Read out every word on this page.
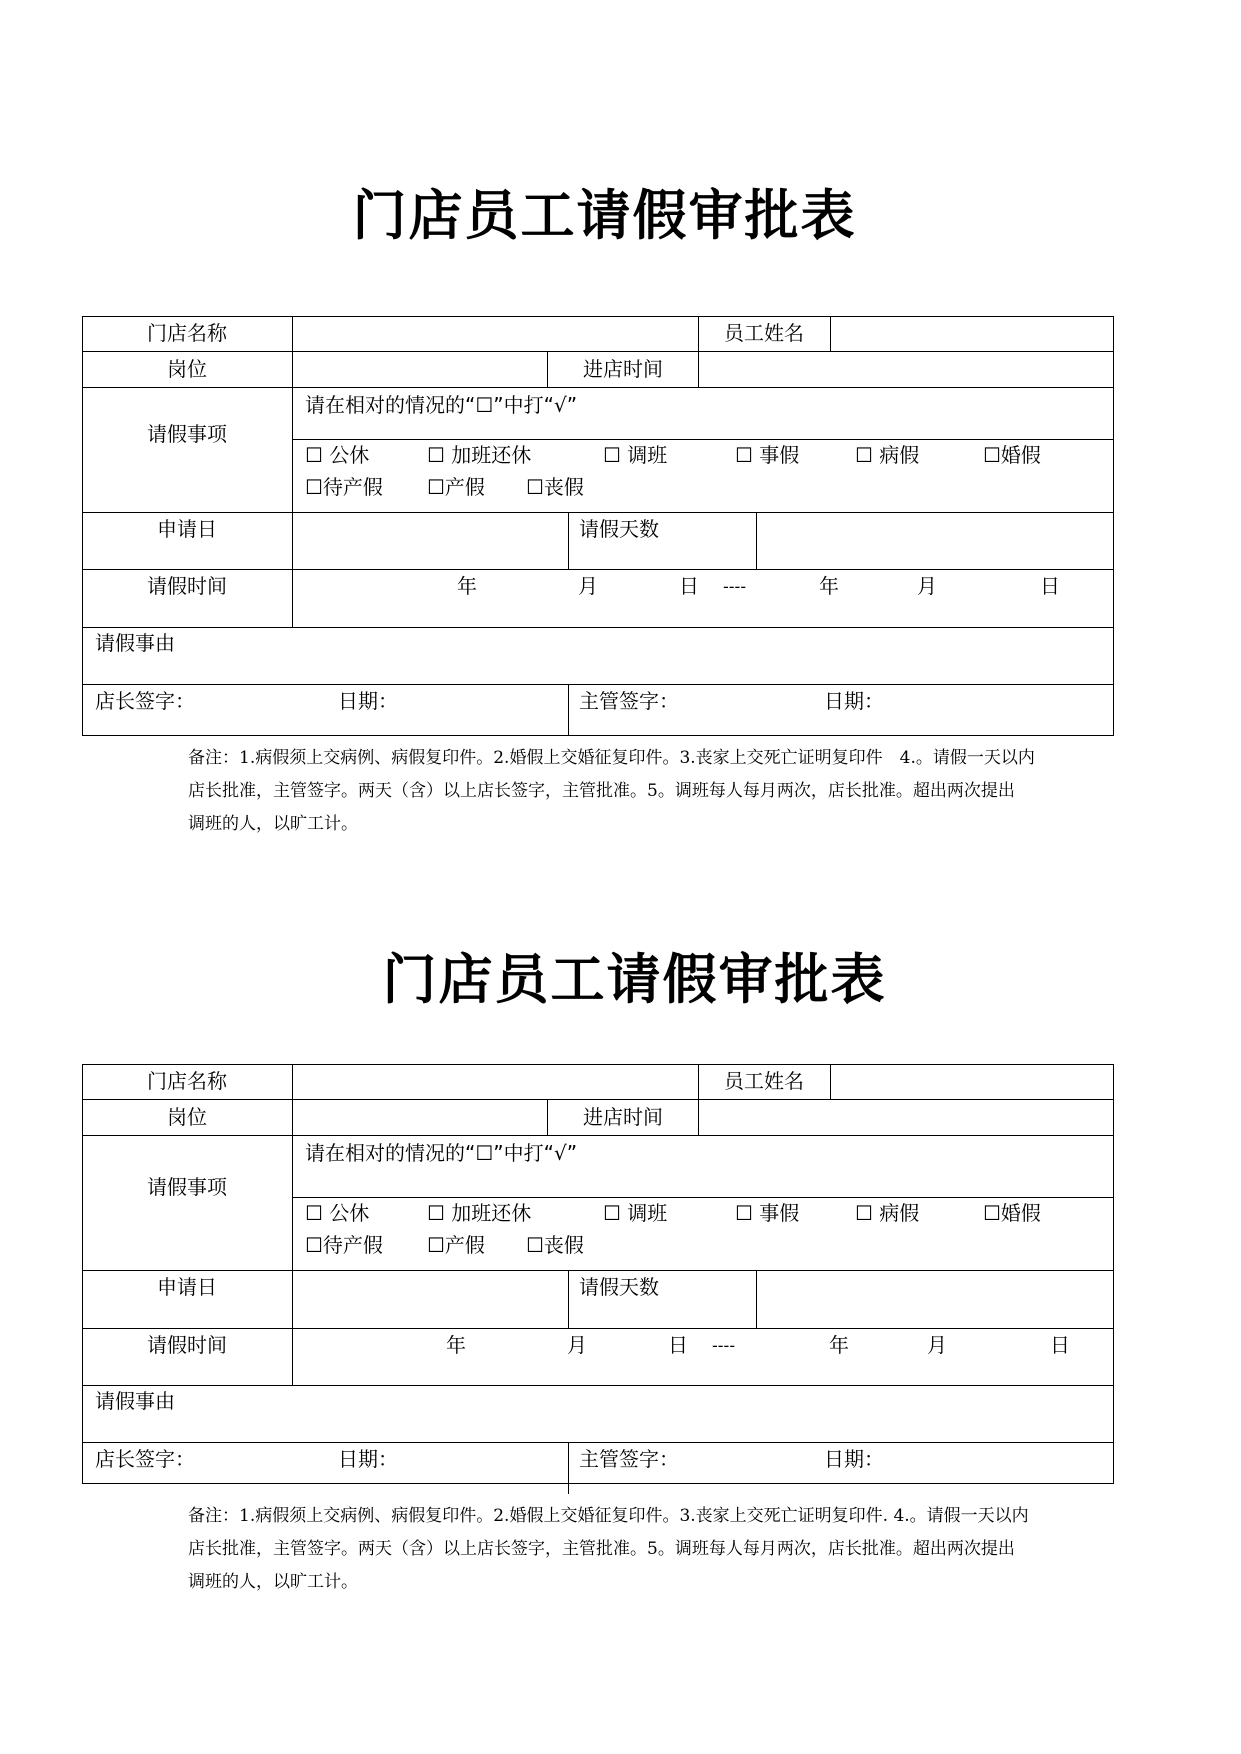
门店员工请假审批表
门店名称	员工姓名
岗位	进店时间
请假事项
请在相对的情况的“☐”中打“√”
☐ 公休	☐ 加班还休	☐ 调班	☐ 事假	☐ 病假	☐婚假
☐待产假 ☐产假 ☐丧假
申请日	请假天数
请假时间	年	月	日 ----	年	月	日
请假事由
店长签字：	日期：	主管签字：	日期：

备注：1.病假须上交病例、病假复印件。2.婚假上交婚征复印件。3.丧家上交死亡证明复印件　4.。请假一天以内

店长批准，主管签字。两天（含）以上店长签字，主管批准。5。调班每人每月两次，店长批准。超出两次提出

调班的人，以旷工计。

门店员工请假审批表
门店名称	员工姓名
岗位	进店时间
请假事项
请在相对的情况的“☐”中打“√”
☐ 公休	☐ 加班还休	☐ 调班	☐ 事假	☐ 病假	☐婚假
☐待产假 ☐产假 ☐丧假
申请日	请假天数
请假时间	年	月	日 ----	年	月	日
请假事由
店长签字：	日期：	主管签字：	日期：

备注：1.病假须上交病例、病假复印件。2.婚假上交婚征复印件。3.丧家上交死亡证明复印件. 4.。请假一天以内

店长批准，主管签字。两天（含）以上店长签字，主管批准。5。调班每人每月两次，店长批准。超出两次提出

调班的人，以旷工计。
